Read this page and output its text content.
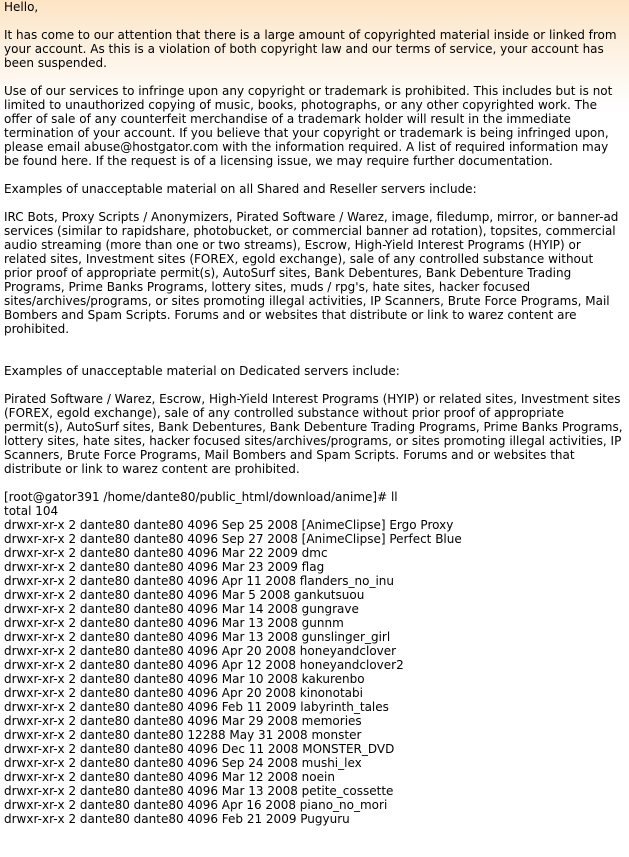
Hello,

It has come to our attention that there is a large amount of copyrighted material inside or linked from your account. As this is a violation of both copyright law and our terms of service, your account has been suspended.

Use of our services to infringe upon any copyright or trademark is prohibited. This includes but is not limited to unauthorized copying of music, books, photographs, or any other copyrighted work. The offer of sale of any counterfeit merchandise of a trademark holder will result in the immediate termination of your account. If you believe that your copyright or trademark is being infringed upon, please email abuse@hostgator.com with the information required. A list of required information may be found here. If the request is of a licensing issue, we may require further documentation.

Examples of unacceptable material on all Shared and Reseller servers include:

IRC Bots, Proxy Scripts / Anonymizers, Pirated Software / Warez, image, filedump, mirror, or banner-ad services (similar to rapidshare, photobucket, or commercial banner ad rotation), topsites, commercial audio streaming (more than one or two streams), Escrow, High-Yield Interest Programs (HYIP) or related sites, Investment sites (FOREX, egold exchange), sale of any controlled substance without prior proof of appropriate permit(s), AutoSurf sites, Bank Debentures, Bank Debenture Trading Programs, Prime Banks Programs, lottery sites, muds / rpg's, hate sites, hacker focused sites/archives/programs, or sites promoting illegal activities, IP Scanners, Brute Force Programs, Mail Bombers and Spam Scripts. Forums and or websites that distribute or link to warez content are prohibited.

Examples of unacceptable material on Dedicated servers include:

Pirated Software / Warez, Escrow, High-Yield Interest Programs (HYIP) or related sites, Investment sites (FOREX, egold exchange), sale of any controlled substance without prior proof of appropriate permit(s), AutoSurf sites, Bank Debentures, Bank Debenture Trading Programs, Prime Banks Programs, lottery sites, hate sites, hacker focused sites/archives/programs, or sites promoting illegal activities, IP Scanners, Brute Force Programs, Mail Bombers and Spam Scripts. Forums and or websites that distribute or link to warez content are prohibited.

[root@gator391 /home/dante80/public_html/download/anime]# ll
total 104
drwxr-xr-x 2 dante80 dante80 4096 Sep 25 2008 [AnimeClipse] Ergo Proxy
drwxr-xr-x 2 dante80 dante80 4096 Sep 27 2008 [AnimeClipse] Perfect Blue
drwxr-xr-x 2 dante80 dante80 4096 Mar 22 2009 dmc
drwxr-xr-x 2 dante80 dante80 4096 Mar 23 2009 flag
drwxr-xr-x 2 dante80 dante80 4096 Apr 11 2008 flanders_no_inu
drwxr-xr-x 2 dante80 dante80 4096 Mar 5 2008 gankutsuou
drwxr-xr-x 2 dante80 dante80 4096 Mar 14 2008 gungrave
drwxr-xr-x 2 dante80 dante80 4096 Mar 13 2008 gunnm
drwxr-xr-x 2 dante80 dante80 4096 Mar 13 2008 gunslinger_girl
drwxr-xr-x 2 dante80 dante80 4096 Apr 20 2008 honeyandclover
drwxr-xr-x 2 dante80 dante80 4096 Apr 12 2008 honeyandclover2
drwxr-xr-x 2 dante80 dante80 4096 Mar 10 2008 kakurenbo
drwxr-xr-x 2 dante80 dante80 4096 Apr 20 2008 kinonotabi
drwxr-xr-x 2 dante80 dante80 4096 Feb 11 2009 labyrinth_tales
drwxr-xr-x 2 dante80 dante80 4096 Mar 29 2008 memories
drwxr-xr-x 2 dante80 dante80 12288 May 31 2008 monster
drwxr-xr-x 2 dante80 dante80 4096 Dec 11 2008 MONSTER_DVD
drwxr-xr-x 2 dante80 dante80 4096 Sep 24 2008 mushi_lex
drwxr-xr-x 2 dante80 dante80 4096 Mar 12 2008 noein
drwxr-xr-x 2 dante80 dante80 4096 Mar 13 2008 petite_cossette
drwxr-xr-x 2 dante80 dante80 4096 Apr 16 2008 piano_no_mori
drwxr-xr-x 2 dante80 dante80 4096 Feb 21 2009 Pugyuru
